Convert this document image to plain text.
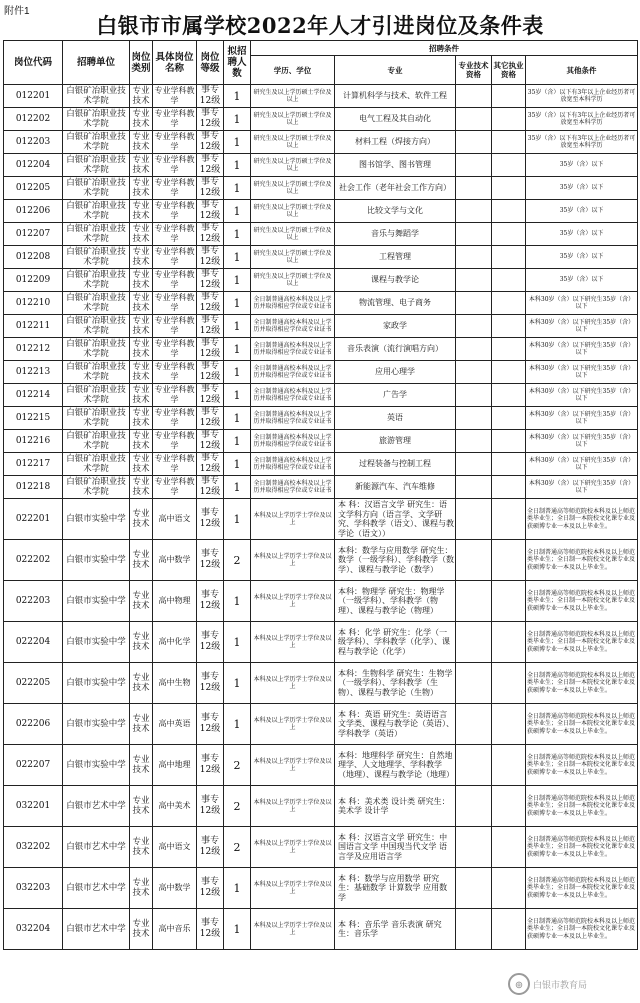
附件1
白银市市属学校2022年人才引进岗位及条件表
岗位代码	招聘单位	岗位类别	具体岗位名称	岗位等级	拟招聘人数	招聘条件				
						学历、学位	专业	专业技术资格	其它执业资格	其他条件
012201	白银矿冶职业技术学院	专业技术	专业学科教学	事专12级	1	研究生及以上学历硕士学位及以上	计算机科学与技术、软件工程			35岁（含）以下有3年以上企业经历者可放宽至本科学历
012202	白银矿冶职业技术学院	专业技术	专业学科教学	事专12级	1	研究生及以上学历硕士学位及以上	电气工程及其自动化			35岁（含）以下有3年以上企业经历者可放宽至本科学历
012203	白银矿冶职业技术学院	专业技术	专业学科教学	事专12级	1	研究生及以上学历硕士学位及以上	材料工程（焊接方向）			35岁（含）以下有3年以上企业经历者可放宽至本科学历
012204	白银矿冶职业技术学院	专业技术	专业学科教学	事专12级	1	研究生及以上学历硕士学位及以上	图书馆学、图书管理			35岁（含）以下
012205	白银矿冶职业技术学院	专业技术	专业学科教学	事专12级	1	研究生及以上学历硕士学位及以上	社会工作（老年社会工作方向）			35岁（含）以下
012206	白银矿冶职业技术学院	专业技术	专业学科教学	事专12级	1	研究生及以上学历硕士学位及以上	比较文学与文化			35岁（含）以下
012207	白银矿冶职业技术学院	专业技术	专业学科教学	事专12级	1	研究生及以上学历硕士学位及以上	音乐与舞蹈学			35岁（含）以下
012208	白银矿冶职业技术学院	专业技术	专业学科教学	事专12级	1	研究生及以上学历硕士学位及以上	工程管理			35岁（含）以下
012209	白银矿冶职业技术学院	专业技术	专业学科教学	事专12级	1	研究生及以上学历硕士学位及以上	课程与教学论			35岁（含）以下
012210	白银矿冶职业技术学院	专业技术	专业学科教学	事专12级	1	全日制普通高校本科及以上学历并取得相应学位或专业证书	物流管理、电子商务			本科30岁（含）以下研究生35岁（含）以下
012211	白银矿冶职业技术学院	专业技术	专业学科教学	事专12级	1	全日制普通高校本科及以上学历并取得相应学位或专业证书	家政学			本科30岁（含）以下研究生35岁（含）以下
012212	白银矿冶职业技术学院	专业技术	专业学科教学	事专12级	1	全日制普通高校本科及以上学历并取得相应学位或专业证书	音乐表演（流行演唱方向）			本科30岁（含）以下研究生35岁（含）以下
012213	白银矿冶职业技术学院	专业技术	专业学科教学	事专12级	1	全日制普通高校本科及以上学历并取得相应学位或专业证书	应用心理学			本科30岁（含）以下研究生35岁（含）以下
012214	白银矿冶职业技术学院	专业技术	专业学科教学	事专12级	1	全日制普通高校本科及以上学历并取得相应学位或专业证书	广告学			本科30岁（含）以下研究生35岁（含）以下
012215	白银矿冶职业技术学院	专业技术	专业学科教学	事专12级	1	全日制普通高校本科及以上学历并取得相应学位或专业证书	英语			本科30岁（含）以下研究生35岁（含）以下
012216	白银矿冶职业技术学院	专业技术	专业学科教学	事专12级	1	全日制普通高校本科及以上学历并取得相应学位或专业证书	旅游管理			本科30岁（含）以下研究生35岁（含）以下
012217	白银矿冶职业技术学院	专业技术	专业学科教学	事专12级	1	全日制普通高校本科及以上学历并取得相应学位或专业证书	过程装备与控制工程			本科30岁（含）以下研究生35岁（含）以下
012218	白银矿冶职业技术学院	专业技术	专业学科教学	事专12级	1	全日制普通高校本科及以上学历并取得相应学位或专业证书	新能源汽车、汽车维修			本科30岁（含）以下研究生35岁（含）以下
022201	白银市实验中学	专业技术	高中语文	事专12级	1	本科及以上学历学士学位及以上	本 科：汉语言文学 研究生：语文学科方向（语言学、文学研究、学科教学（语文）、课程与教学论（语文））			全日制普通高等师范院校本科及以上师范类毕业生；全日制一本院校文化课专业及获硕博专业一本及以上毕业生。
022202	白银市实验中学	专业技术	高中数学	事专12级	2	本科及以上学历学士学位及以上	本科：数学与应用数学 研究生：数学（一级学科）、学科教学（数学）、课程与教学论（数学）			全日制普通高等师范院校本科及以上师范类毕业生；全日制一本院校文化课专业及获硕博专业一本及以上毕业生。
022203	白银市实验中学	专业技术	高中物理	事专12级	1	本科及以上学历学士学位及以上	本科：物理学 研究生：物理学（一级学科）、学科教学（物理）、课程与教学论（物理）			全日制普通高等师范院校本科及以上师范类毕业生；全日制一本院校文化课专业及获硕博专业一本及以上毕业生。
022204	白银市实验中学	专业技术	高中化学	事专12级	1	本科及以上学历学士学位及以上	本 科：化学 研究生：化学（一级学科）、学科教学（化学）、课程与教学论（化学）			全日制普通高等师范院校本科及以上师范类毕业生；全日制一本院校文化课专业及获硕博专业一本及以上毕业生。
022205	白银市实验中学	专业技术	高中生物	事专12级	1	本科及以上学历学士学位及以上	本科：生物科学 研究生：生物学（一级学科）、学科教学（生物）、课程与教学论（生物）			全日制普通高等师范院校本科及以上师范类毕业生；全日制一本院校文化课专业及获硕博专业一本及以上毕业生。
022206	白银市实验中学	专业技术	高中英语	事专12级	1	本科及以上学历学士学位及以上	本 科：英语 研究生：英语语言文学类、课程与教学论（英语）、学科教学（英语）			全日制普通高等师范院校本科及以上师范类毕业生；全日制一本院校文化课专业及获硕博专业一本及以上毕业生。
022207	白银市实验中学	专业技术	高中地理	事专12级	2	本科及以上学历学士学位及以上	本科：地理科学 研究生：自然地理学、人文地理学、学科教学（地理）、课程与教学论（地理）			全日制普通高等师范院校本科及以上师范类毕业生；全日制一本院校文化课专业及获硕博专业一本及以上毕业生。
032201	白银市艺术中学	专业技术	高中美术	事专12级	2	本科及以上学历学士学位及以上	本 科：美术类 设计类 研究生：美术学 设计学			全日制普通高等师范院校本科及以上师范类毕业生；全日制一本院校文化课专业及获硕博专业一本及以上毕业生。
032202	白银市艺术中学	专业技术	高中语文	事专12级	2	本科及以上学历学士学位及以上	本 科：汉语言文学 研究生：中国语言文学 中国现当代文学 语言学及应用语言学			全日制普通高等师范院校本科及以上师范类毕业生；全日制一本院校文化课专业及获硕博专业一本及以上毕业生。
032203	白银市艺术中学	专业技术	高中数学	事专12级	1	本科及以上学历学士学位及以上	本 科：数学与应用数学 研究生：基础数学 计算数学 应用数学			全日制普通高等师范院校本科及以上师范类毕业生；全日制一本院校文化课专业及获硕博专业一本及以上毕业生。
032204	白银市艺术中学	专业技术	高中音乐	事专12级	1	本科及以上学历学士学位及以上	本 科：音乐学 音乐表演 研究生：音乐学			全日制普通高等师范院校本科及以上师范类毕业生；全日制一本院校文化课专业及获硕博专业一本及以上毕业生。
◎	白银市教育局
